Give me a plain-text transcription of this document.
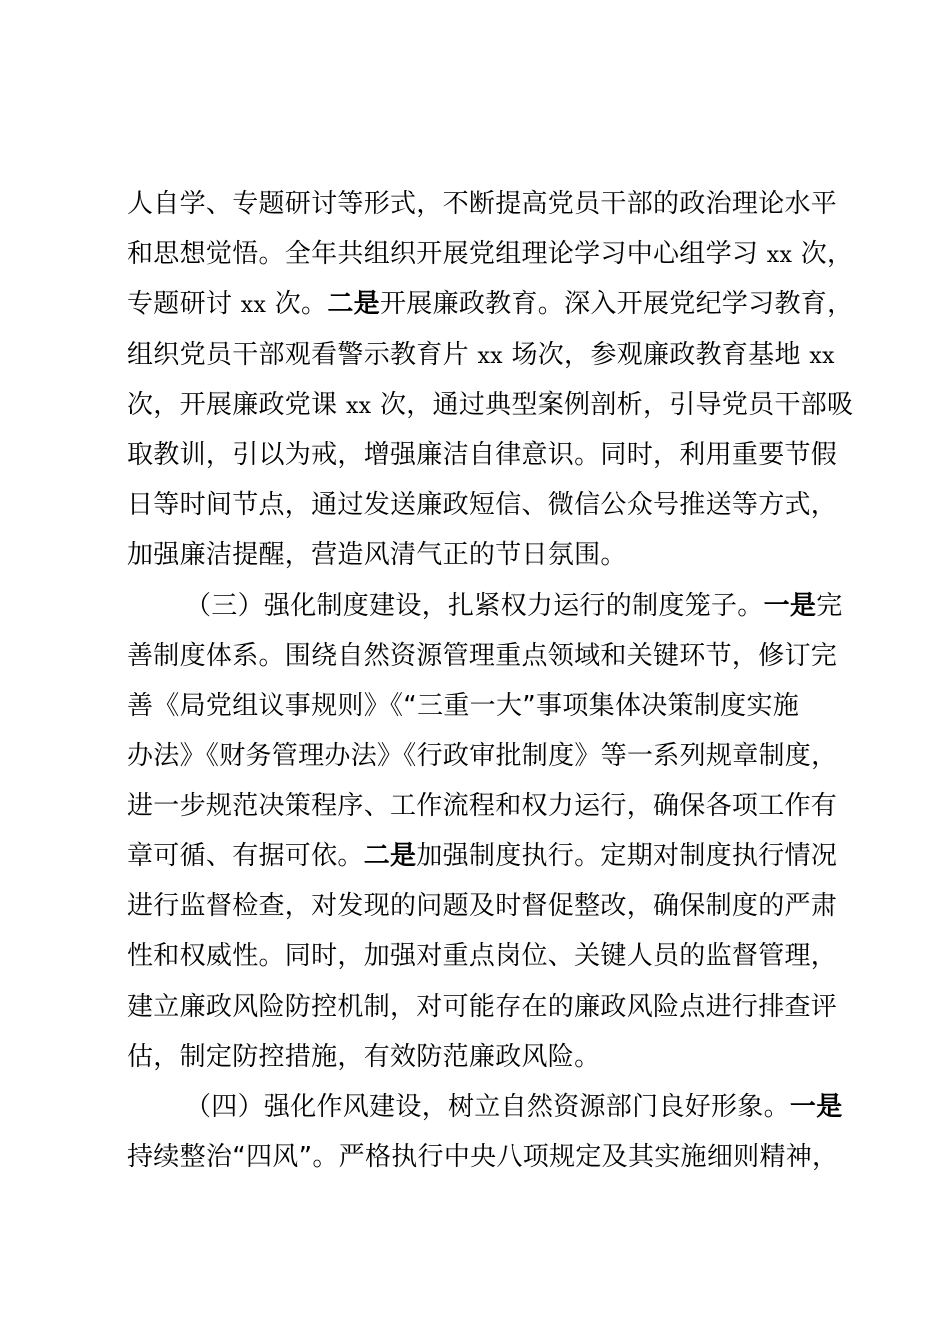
人自学、专题研讨等形式，不断提高党员干部的政治理论水平
和思想觉悟。全年共组织开展党组理论学习中心组学习 xx 次，
专题研讨 xx 次。二是开展廉政教育。深入开展党纪学习教育，
组织党员干部观看警示教育片 xx 场次，参观廉政教育基地 xx
次，开展廉政党课 xx 次，通过典型案例剖析，引导党员干部吸
取教训，引以为戒，增强廉洁自律意识。同时，利用重要节假
日等时间节点，通过发送廉政短信、微信公众号推送等方式，
加强廉洁提醒，营造风清气正的节日氛围。
（三）强化制度建设，扎紧权力运行的制度笼子。一是完
善制度体系。围绕自然资源管理重点领域和关键环节，修订完
善《局党组议事规则》《“三重一大”事项集体决策制度实施
办法》《财务管理办法》《行政审批制度》等一系列规章制度，
进一步规范决策程序、工作流程和权力运行，确保各项工作有
章可循、有据可依。二是加强制度执行。定期对制度执行情况
进行监督检查，对发现的问题及时督促整改，确保制度的严肃
性和权威性。同时，加强对重点岗位、关键人员的监督管理，
建立廉政风险防控机制，对可能存在的廉政风险点进行排查评
估，制定防控措施，有效防范廉政风险。
（四）强化作风建设，树立自然资源部门良好形象。一是
持续整治“四风”。严格执行中央八项规定及其实施细则精神，
